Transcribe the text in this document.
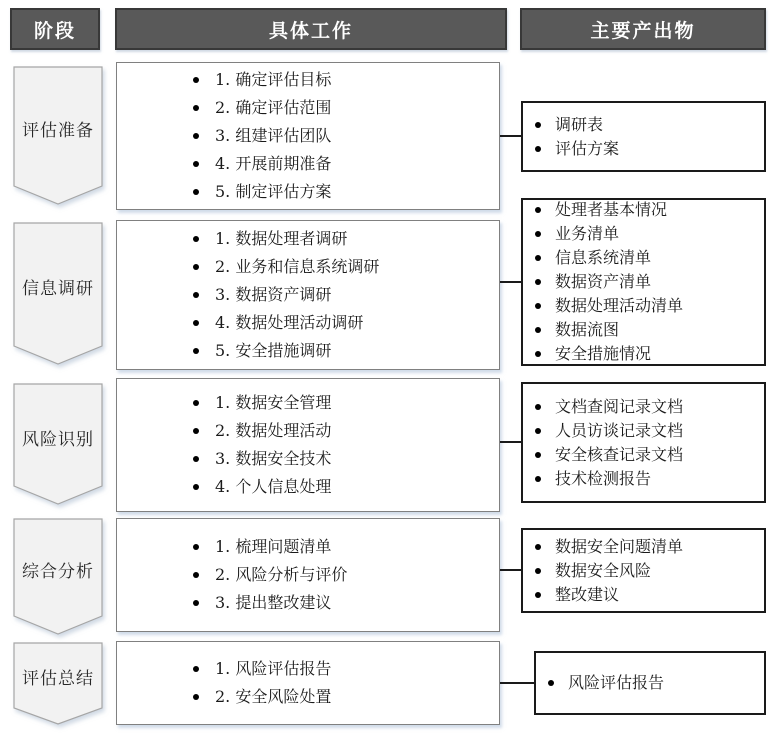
阶段	具体工作	主要产出物
评估准备
1. 确定评估目标
2. 确定评估范围
3. 组建评估团队
4. 开展前期准备
5. 制定评估方案
调研表
评估方案
信息调研
1. 数据处理者调研
2. 业务和信息系统调研
3. 数据资产调研
4. 数据处理活动调研
5. 安全措施调研
处理者基本情况
业务清单
信息系统清单
数据资产清单
数据处理活动清单
数据流图
安全措施情况
风险识别
1. 数据安全管理
2. 数据处理活动
3. 数据安全技术
4. 个人信息处理
文档查阅记录文档
人员访谈记录文档
安全核查记录文档
技术检测报告
综合分析
1. 梳理问题清单
2. 风险分析与评价
3. 提出整改建议
数据安全问题清单
数据安全风险
整改建议
评估总结
1. 风险评估报告
2. 安全风险处置
风险评估报告
